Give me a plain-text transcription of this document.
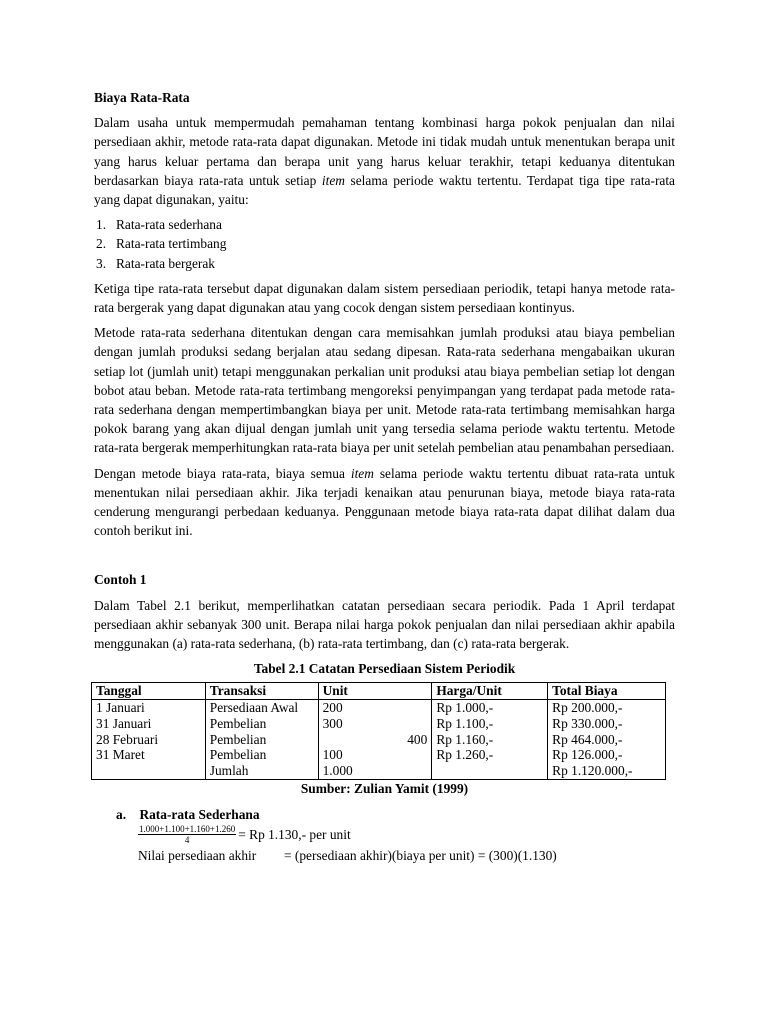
Biaya Rata-Rata

Dalam usaha untuk mempermudah pemahaman tentang kombinasi harga pokok penjualan dan nilai persediaan akhir, metode rata-rata dapat digunakan. Metode ini tidak mudah untuk menentukan berapa unit yang harus keluar pertama dan berapa unit yang harus keluar terakhir, tetapi keduanya ditentukan berdasarkan biaya rata-rata untuk setiap item selama periode waktu tertentu. Terdapat tiga tipe rata-rata yang dapat digunakan, yaitu:

1. Rata-rata sederhana
2. Rata-rata tertimbang
3. Rata-rata bergerak

Ketiga tipe rata-rata tersebut dapat digunakan dalam sistem persediaan periodik, tetapi hanya metode rata-rata bergerak yang dapat digunakan atau yang cocok dengan sistem persediaan kontinyus.

Metode rata-rata sederhana ditentukan dengan cara memisahkan jumlah produksi atau biaya pembelian dengan jumlah produksi sedang berjalan atau sedang dipesan. Rata-rata sederhana mengabaikan ukuran setiap lot (jumlah unit) tetapi menggunakan perkalian unit produksi atau biaya pembelian setiap lot dengan bobot atau beban. Metode rata-rata tertimbang mengoreksi penyimpangan yang terdapat pada metode rata-rata sederhana dengan mempertimbangkan biaya per unit. Metode rata-rata tertimbang memisahkan harga pokok barang yang akan dijual dengan jumlah unit yang tersedia selama periode waktu tertentu. Metode rata-rata bergerak memperhitungkan rata-rata biaya per unit setelah pembelian atau penambahan persediaan.

Dengan metode biaya rata-rata, biaya semua item selama periode waktu tertentu dibuat rata-rata untuk menentukan nilai persediaan akhir. Jika terjadi kenaikan atau penurunan biaya, metode biaya rata-rata cenderung mengurangi perbedaan keduanya. Penggunaan metode biaya rata-rata dapat dilihat dalam dua contoh berikut ini.

Contoh 1

Dalam Tabel 2.1 berikut, memperlihatkan catatan persediaan secara periodik. Pada 1 April terdapat persediaan akhir sebanyak 300 unit. Berapa nilai harga pokok penjualan dan nilai persediaan akhir apabila menggunakan (a) rata-rata sederhana, (b) rata-rata tertimbang, dan (c) rata-rata bergerak.

Tabel 2.1 Catatan Persediaan Sistem Periodik
Tanggal	Transaksi	Unit	Harga/Unit	Total Biaya
1 Januari	Persediaan Awal	200	Rp 1.000,-	Rp 200.000,-
31 Januari	Pembelian	300	Rp 1.100,-	Rp 330.000,-
28 Februari	Pembelian	400	Rp 1.160,-	Rp 464.000,-
31 Maret	Pembelian	100	Rp 1.260,-	Rp 126.000,-
	Jumlah	1.000		Rp 1.120.000,-
Sumber: Zulian Yamit (1999)
a. Rata-rata Sederhana
$\frac{1.000+1.100+1.160+1.260}{4} = Rp$ 1.130,- per unit
Nilai persediaan akhir	= (persediaan akhir)(biaya per unit) = (300)(1.130)
